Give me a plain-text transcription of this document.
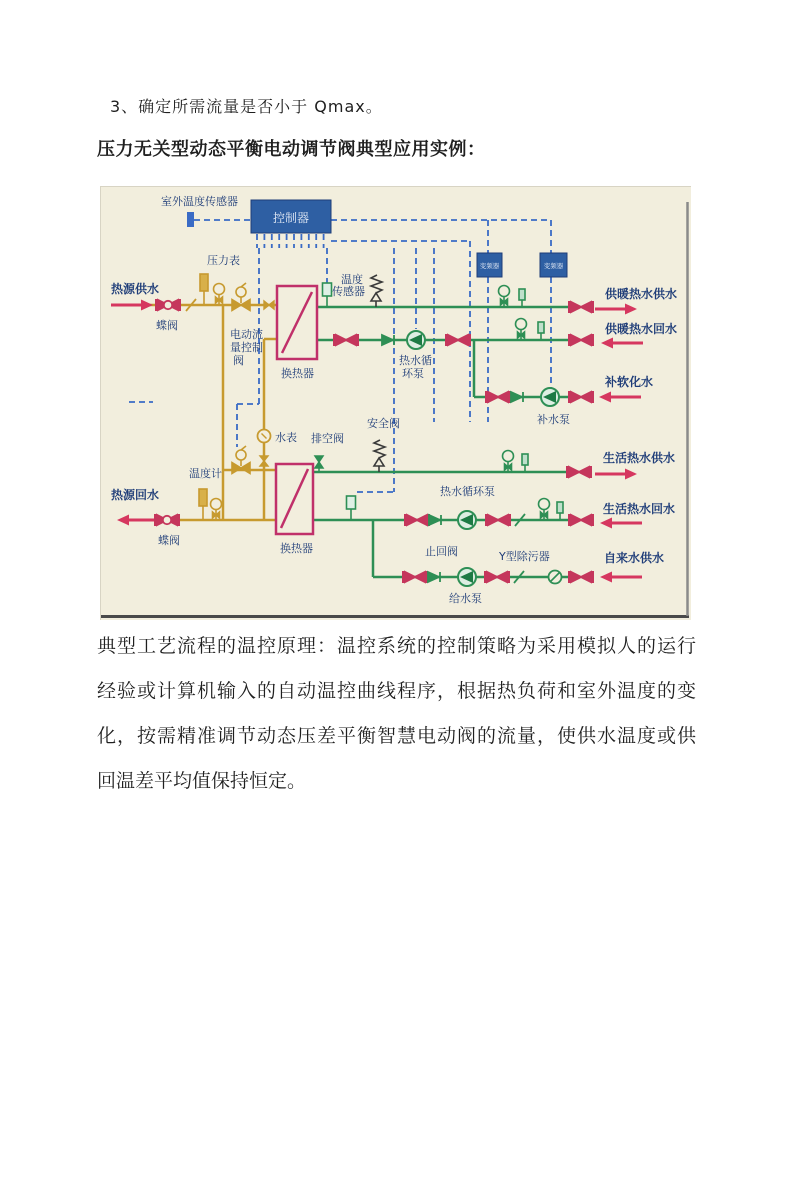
3、确定所需流量是否小于 Qmax。
压力无关型动态平衡电动调节阀典型应用实例：
控制器
变频器	变频器
室外温度传感器
压力表
热源供水
蝶阀
电动流
量控制
阀
换热器
温度
传感器
热水循
环泵
供暖热水供水
供暖热水回水
补软化水
补水泵
水表 排空阀
安全阀
温度计
热源回水
蝶阀
换热器
热水循环泵
生活热水供水
生活热水回水
止回阀	Y型除污器	自来水供水
给水泵
典型工艺流程的温控原理：温控系统的控制策略为采用模拟人的运行
经验或计算机输入的自动温控曲线程序，根据热负荷和室外温度的变
化，按需精准调节动态压差平衡智慧电动阀的流量，使供水温度或供
回温差平均值保持恒定。
